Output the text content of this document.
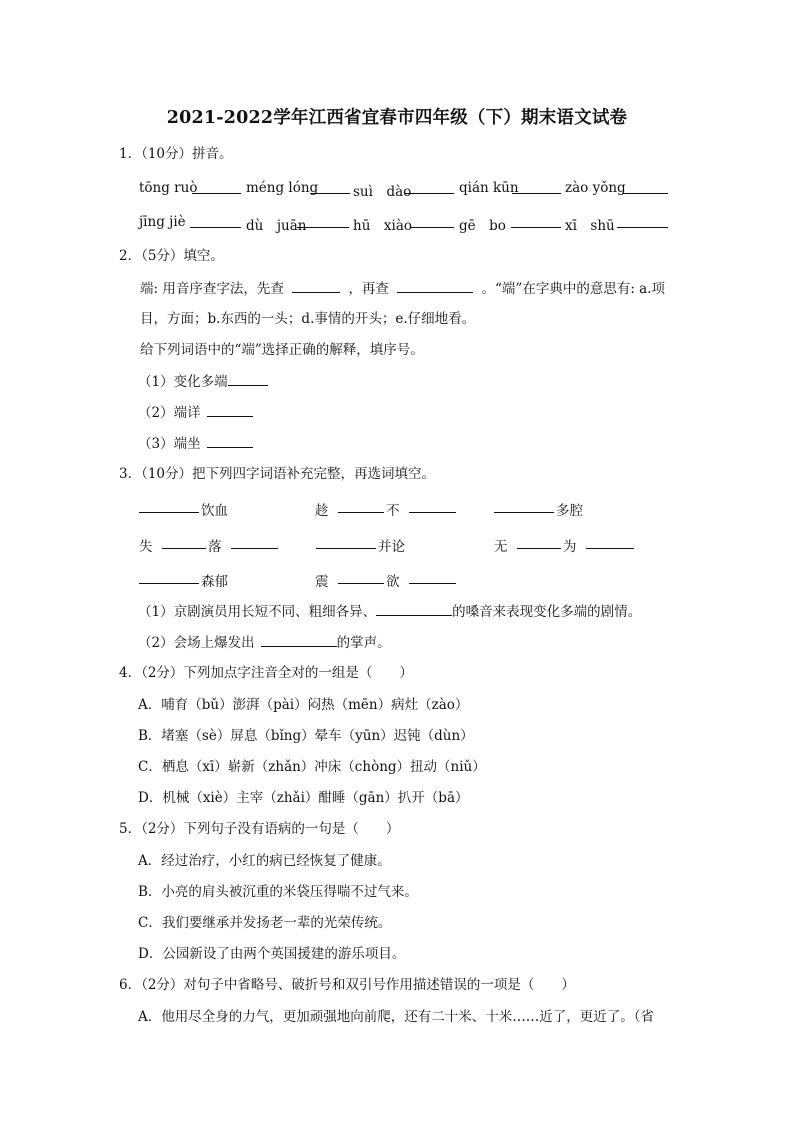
2021-2022学年江西省宜春市四年级（下）期末语文试卷
1．（10分）拼音。
tōng ruò	méng lóng	suì　dào	qián kūn	zào yǒng
jīng jiè	dù　juān	hū　xiào	gē　bo	xī　shū
2．（5分）填空。
端: 用音序查字法，先查	，再查	。“端”在字典中的意思有: a.项
目，方面；b.东西的一头；d.事情的开头；e.仔细地看。
给下列词语中的“端”选择正确的解释，填序号。
（1）变化多端
（2）端详
（3）端坐
3．（10分）把下列四字词语补充完整，再选词填空。
饮血	趁	不	多腔
失	落	并论	无	为
森郁	震	欲
（1）京剧演员用长短不同、粗细各异、	的嗓音来表现变化多端的剧情。
（2）会场上爆发出	的掌声。
4．（2分）下列加点字注音全对的一组是（　　）
A．哺育（bǔ）澎湃（pài）闷热（mēn）病灶（zào）
B．堵塞（sè）屏息（bǐng）晕车（yūn）迟钝（dùn）
C．栖息（xī）崭新（zhǎn）冲床（chòng）扭动（niǔ）
D．机械（xiè）主宰（zhǎi）酣睡（gān）扒开（bā）
5．（2分）下列句子没有语病的一句是（　　）
A．经过治疗，小红的病已经恢复了健康。
B．小亮的肩头被沉重的米袋压得喘不过气来。
C．我们要继承并发扬老一辈的光荣传统。
D．公园新设了由两个英国援建的游乐项目。
6．（2分）对句子中省略号、破折号和双引号作用描述错误的一项是（　　）
A．他用尽全身的力气，更加顽强地向前爬，还有二十米、十米……近了，更近了。（省
